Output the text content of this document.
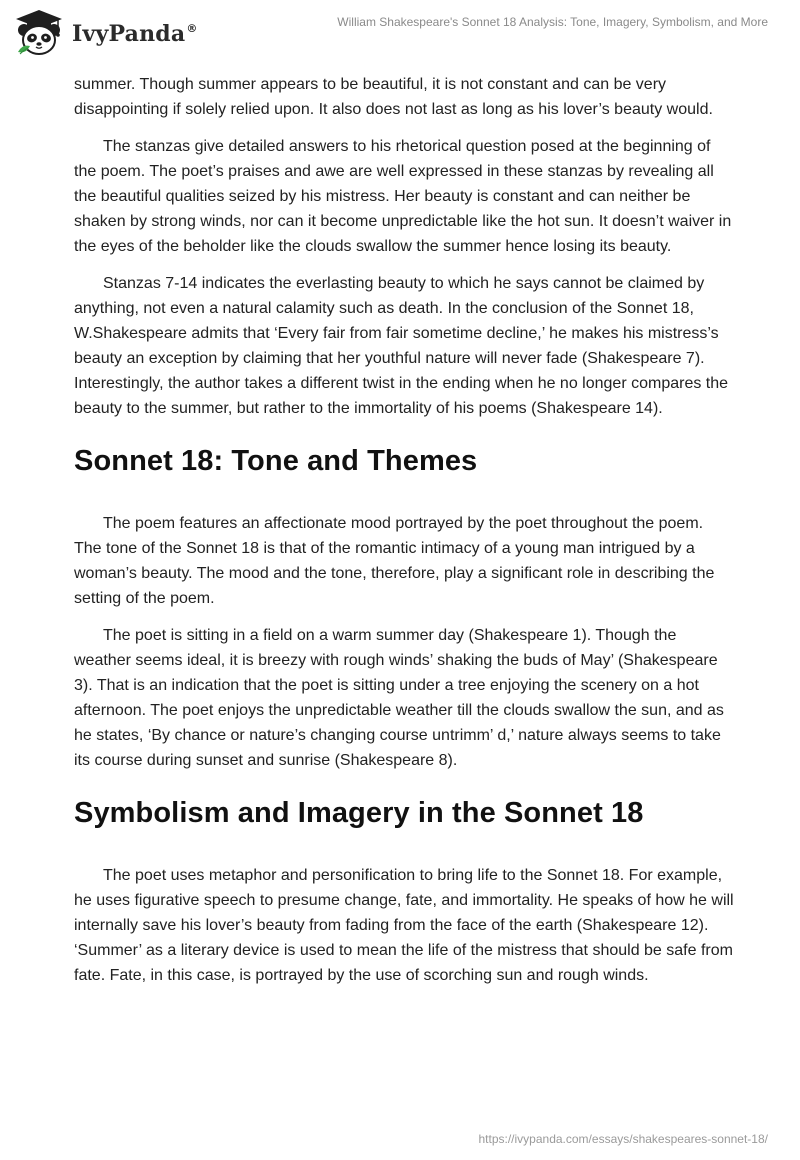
IvyPanda®	William Shakespeare's Sonnet 18 Analysis: Tone, Imagery, Symbolism, and More

summer. Though summer appears to be beautiful, it is not constant and can be very disappointing if solely relied upon. It also does not last as long as his lover’s beauty would.

The stanzas give detailed answers to his rhetorical question posed at the beginning of the poem. The poet’s praises and awe are well expressed in these stanzas by revealing all the beautiful qualities seized by his mistress. Her beauty is constant and can neither be shaken by strong winds, nor can it become unpredictable like the hot sun. It doesn’t waiver in the eyes of the beholder like the clouds swallow the summer hence losing its beauty.

Stanzas 7-14 indicates the everlasting beauty to which he says cannot be claimed by anything, not even a natural calamity such as death. In the conclusion of the Sonnet 18, W.Shakespeare admits that ‘Every fair from fair sometime decline,’ he makes his mistress’s beauty an exception by claiming that her youthful nature will never fade (Shakespeare 7). Interestingly, the author takes a different twist in the ending when he no longer compares the beauty to the summer, but rather to the immortality of his poems (Shakespeare 14).

Sonnet 18: Tone and Themes

The poem features an affectionate mood portrayed by the poet throughout the poem. The tone of the Sonnet 18 is that of the romantic intimacy of a young man intrigued by a woman’s beauty. The mood and the tone, therefore, play a significant role in describing the setting of the poem.

The poet is sitting in a field on a warm summer day (Shakespeare 1). Though the weather seems ideal, it is breezy with rough winds’ shaking the buds of May’ (Shakespeare 3). That is an indication that the poet is sitting under a tree enjoying the scenery on a hot afternoon. The poet enjoys the unpredictable weather till the clouds swallow the sun, and as he states, ‘By chance or nature’s changing course untrimm’ d,’ nature always seems to take its course during sunset and sunrise (Shakespeare 8).

Symbolism and Imagery in the Sonnet 18

The poet uses metaphor and personification to bring life to the Sonnet 18. For example, he uses figurative speech to presume change, fate, and immortality. He speaks of how he will internally save his lover’s beauty from fading from the face of the earth (Shakespeare 12). ‘Summer’ as a literary device is used to mean the life of the mistress that should be safe from fate. Fate, in this case, is portrayed by the use of scorching sun and rough winds.

https://ivypanda.com/essays/shakespeares-sonnet-18/
